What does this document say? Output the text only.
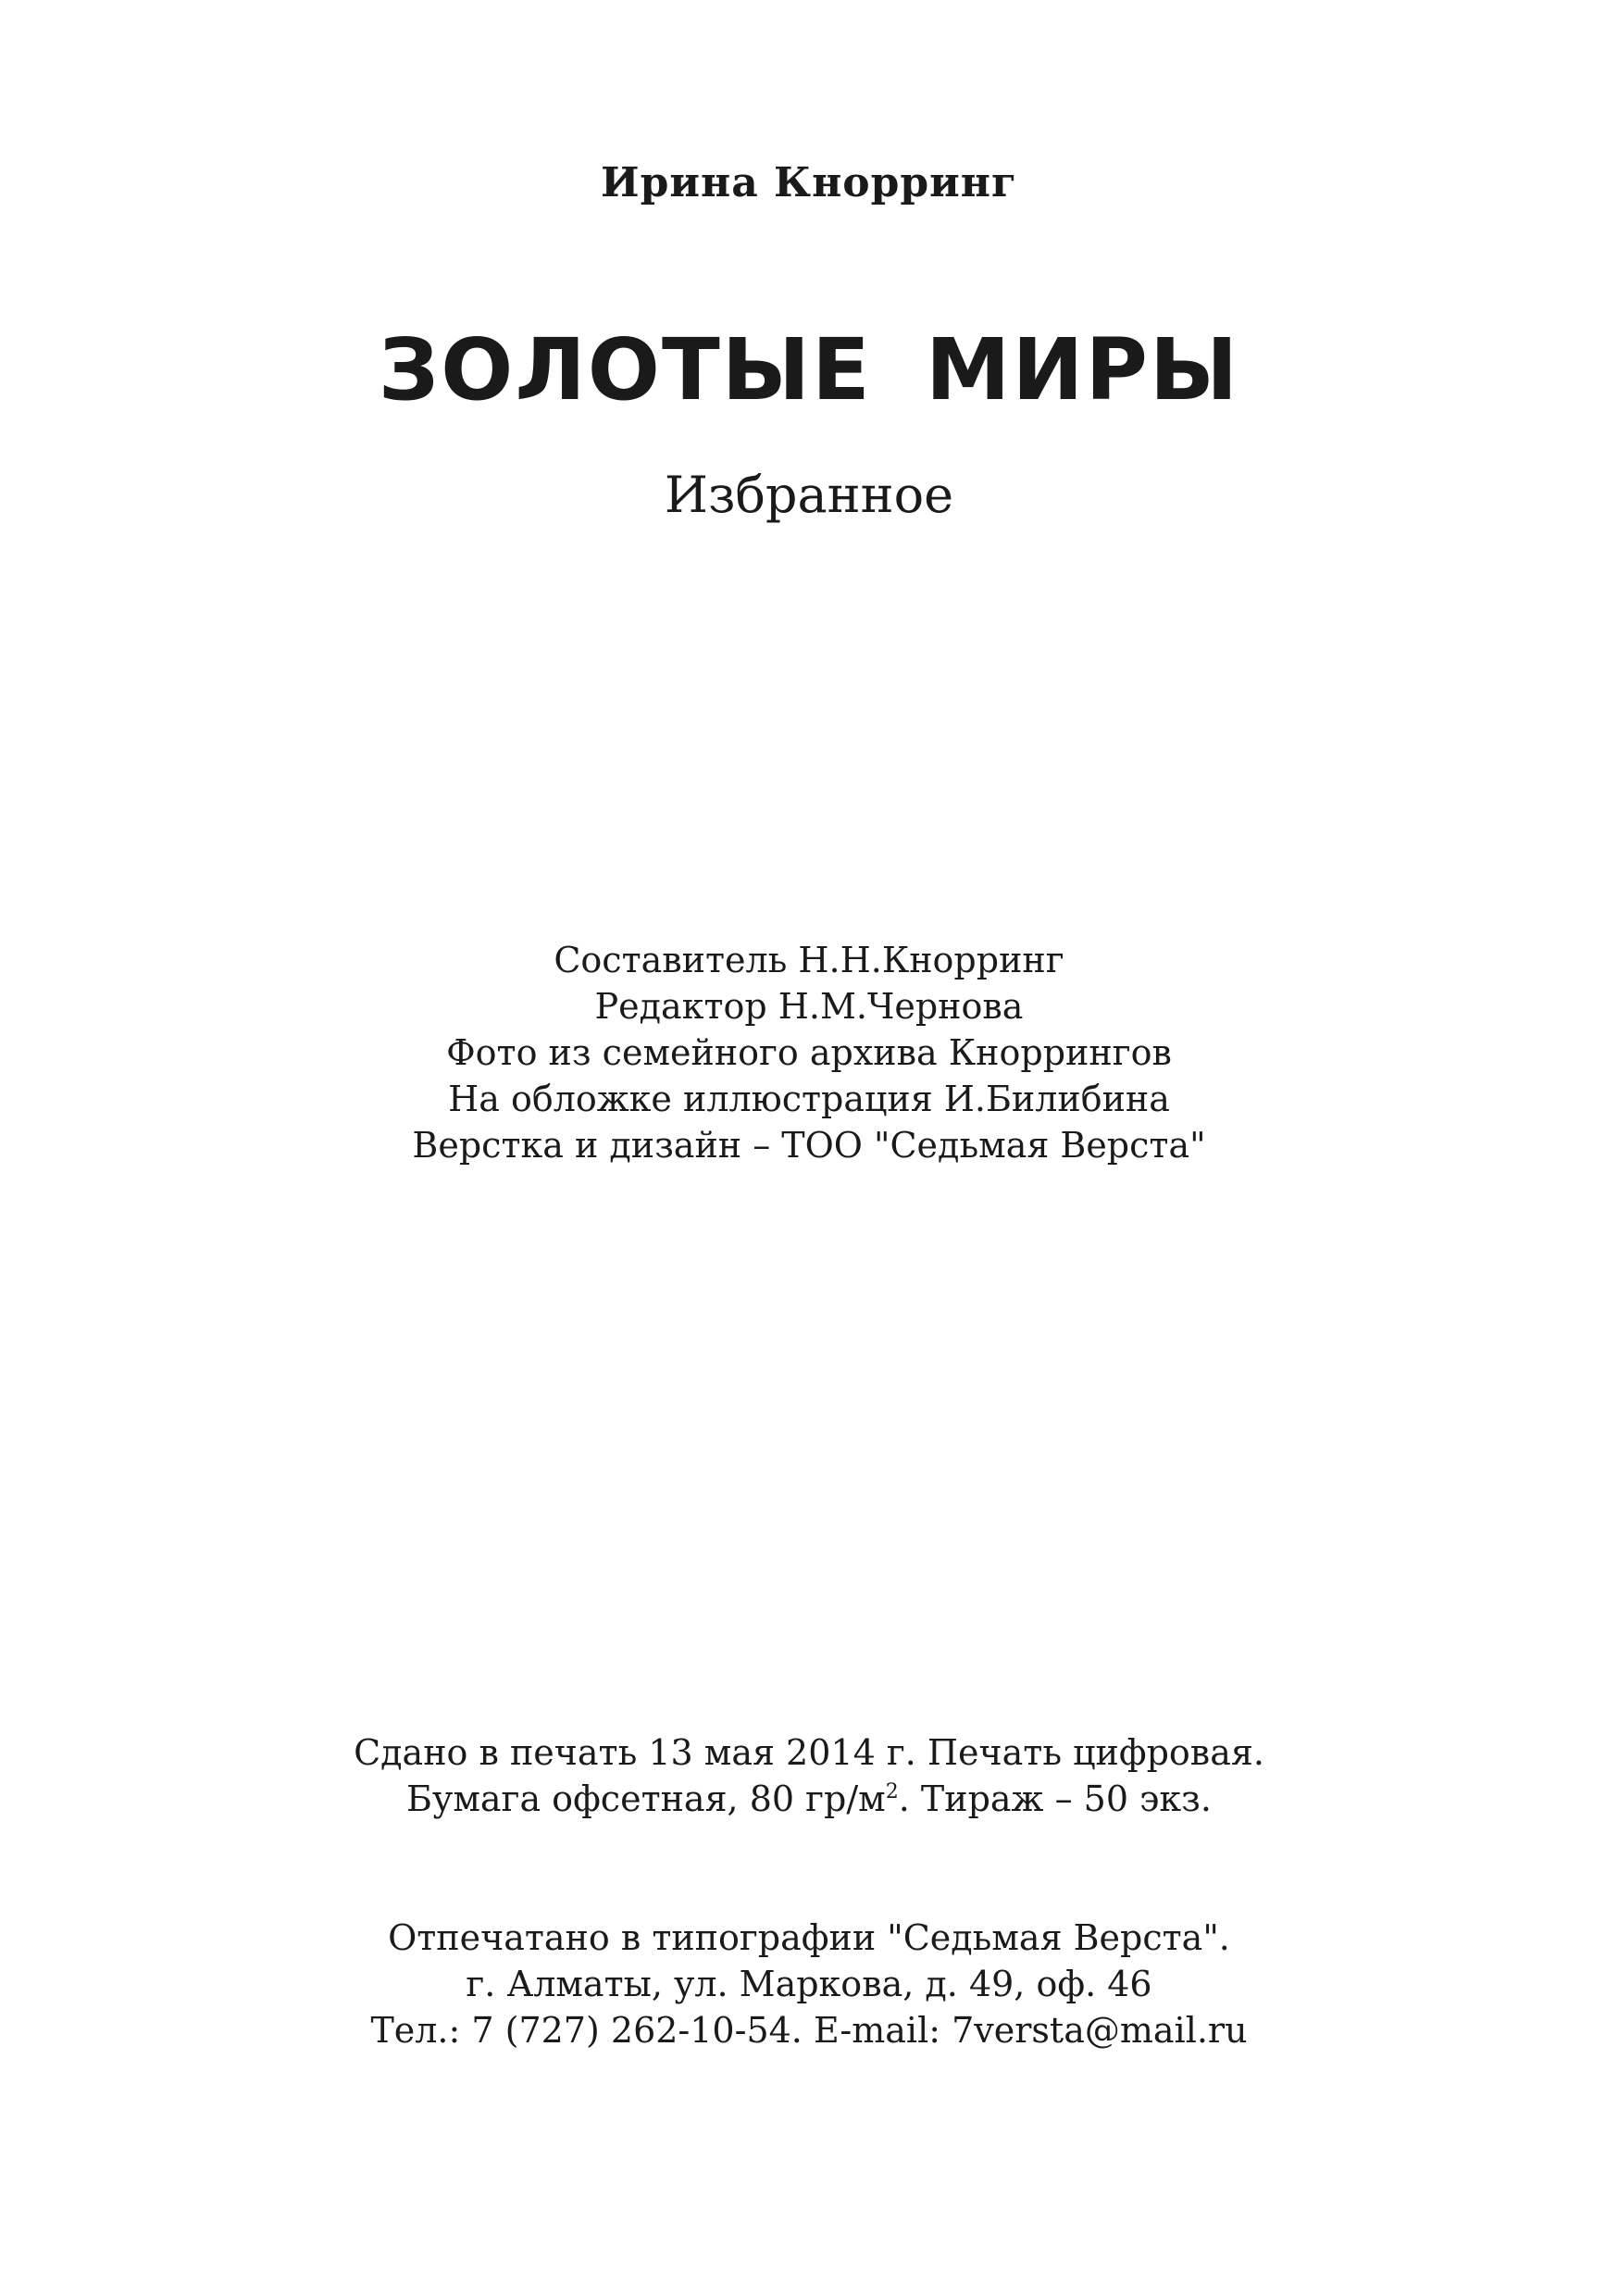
Ирина Кнорринг
ЗОЛОТЫЕ МИРЫ
Избранное
Составитель Н.Н.Кнорринг
Редактор Н.М.Чернова
Фото из семейного архива Кноррингов
На обложке иллюстрация И.Билибина
Верстка и дизайн – ТОО "Седьмая Верста"
Сдано в печать 13 мая 2014 г. Печать цифровая.
Бумага офсетная, 80 $гр/м^2$. Тираж – 50 экз.
Отпечатано в типографии "Седьмая Верста".
г. Алматы, ул. Маркова, д. 49, оф. 46
Тел.: 7 (727) 262-10-54. E-mail: 7versta@mail.ru
